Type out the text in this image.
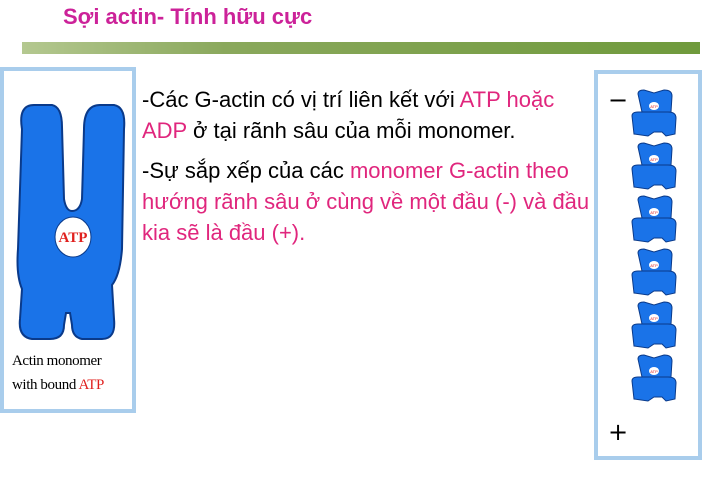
Sợi actin- Tính hữu cực
ATP
Actin monomer
with bound ATP

-Các G-actin có vị trí liên kết với ATP hoặc ADP ở tại rãnh sâu của mỗi monomer.

-Sự sắp xếp của các monomer G-actin theo hướng rãnh sâu ở cùng về một đầu (-) và đầu kia sẽ là đầu (+).

−	ATP
ATP
ATP
ATP
ATP
ATP
+
